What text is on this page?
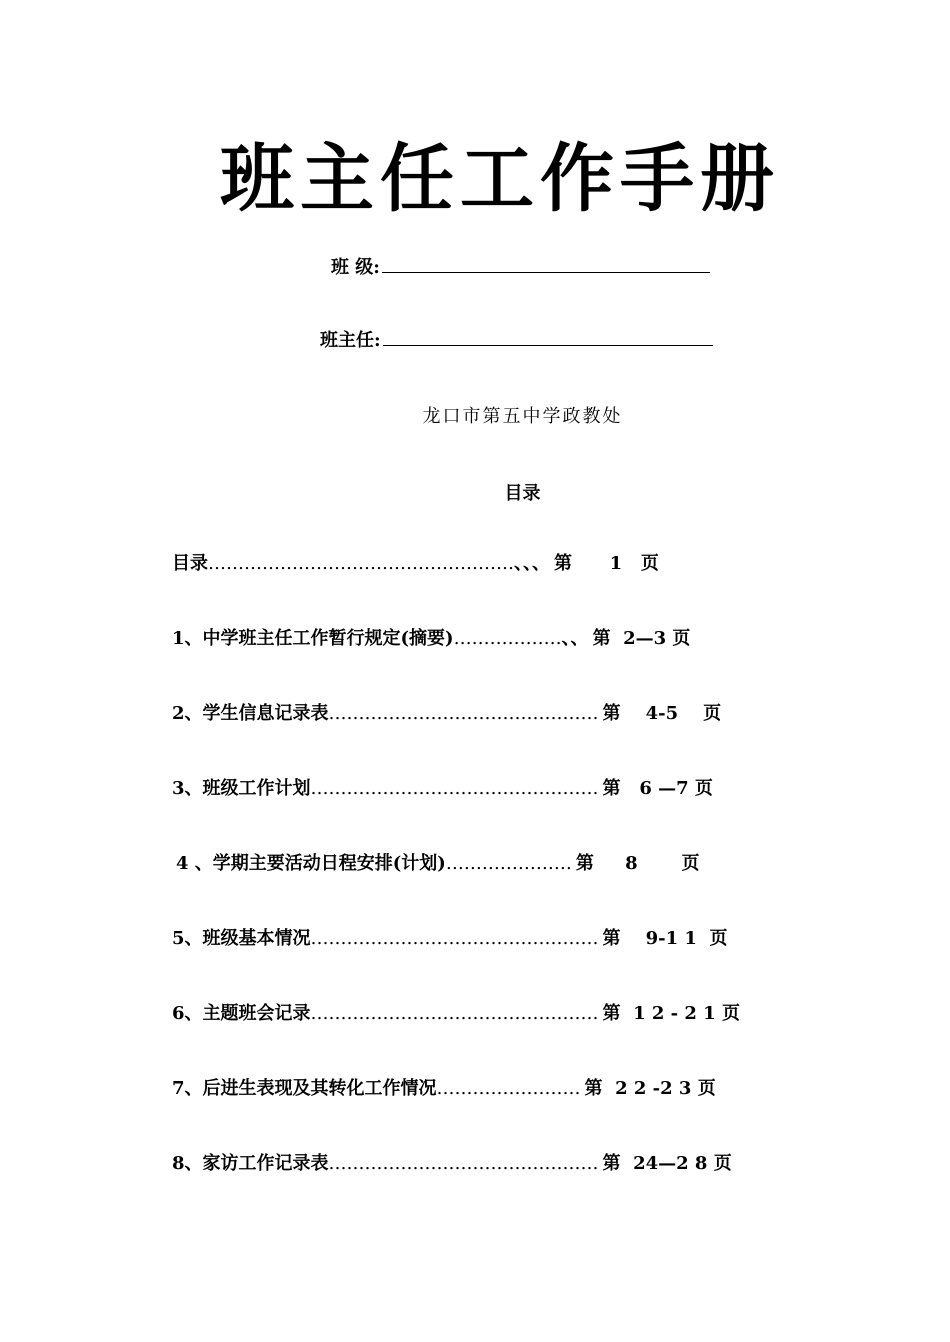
班主任工作手册
班 级:
班主任:
龙口市第五中学政教处
目录
目录 …………………………………………… 、、、 第      1   页
1、中学班主任工作暂行规定(摘要) ……………… 、、 第  2—3 页
2、学生信息记录表 ……………………………………… 第    4-5    页
3、班级工作计划 ………………………………………… 第   6 —7 页
4 、学期主要活动日程安排(计划) ………………… 第     8       页
5、班级基本情况 ………………………………………… 第    9-1 1  页
6、主题班会记录 ………………………………………… 第  1 2 - 2 1 页
7、后进生表现及其转化工作情况 …………………… 第  2 2 -2 3 页
8、家访工作记录表 ……………………………………… 第  24—2 8 页
